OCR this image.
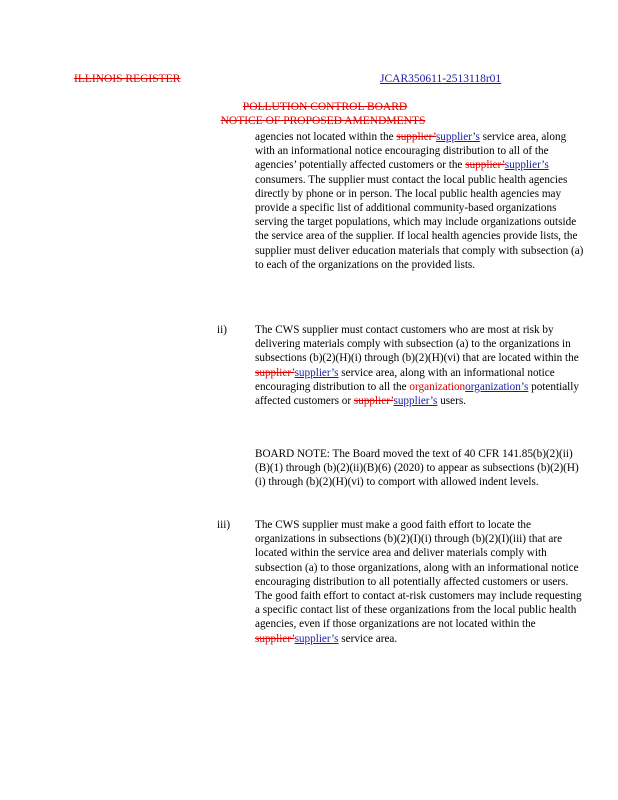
ILLINOIS REGISTER	JCAR350611-2513118r01
POLLUTION CONTROL BOARD
NOTICE OF PROPOSED AMENDMENTS

agencies not located within the supplier’supplier’s service area, along with an informational notice encouraging distribution to all of the agencies’ potentially affected customers or the supplier’supplier’s consumers. The supplier must contact the local public health agencies directly by phone or in person. The local public health agencies may provide a specific list of additional community-based organizations serving the target populations, which may include organizations outside the service area of the supplier. If local health agencies provide lists, the supplier must deliver education materials that comply with subsection (a) to each of the organizations on the provided lists.

ii)	The CWS supplier must contact customers who are most at risk by delivering materials comply with subsection (a) to the organizations in subsections (b)(2)(H)(i) through (b)(2)(H)(vi) that are located within the supplier’supplier’s service area, along with an informational notice encouraging distribution to all the organizationorganization’s potentially affected customers or supplier’supplier’s users.

BOARD NOTE: The Board moved the text of 40 CFR 141.85(b)(2)(ii)(B)(1) through (b)(2)(ii)(B)(6) (2020) to appear as subsections (b)(2)(H)(i) through (b)(2)(H)(vi) to comport with allowed indent levels.

iii) The CWS supplier must make a good faith effort to locate the organizations in subsections (b)(2)(I)(i) through (b)(2)(I)(iii) that are located within the service area and deliver materials comply with subsection (a) to those organizations, along with an informational notice encouraging distribution to all potentially affected customers or users. The good faith effort to contact at-risk customers may include requesting a specific contact list of these organizations from the local public health agencies, even if those organizations are not located within the supplier’supplier’s service area.
